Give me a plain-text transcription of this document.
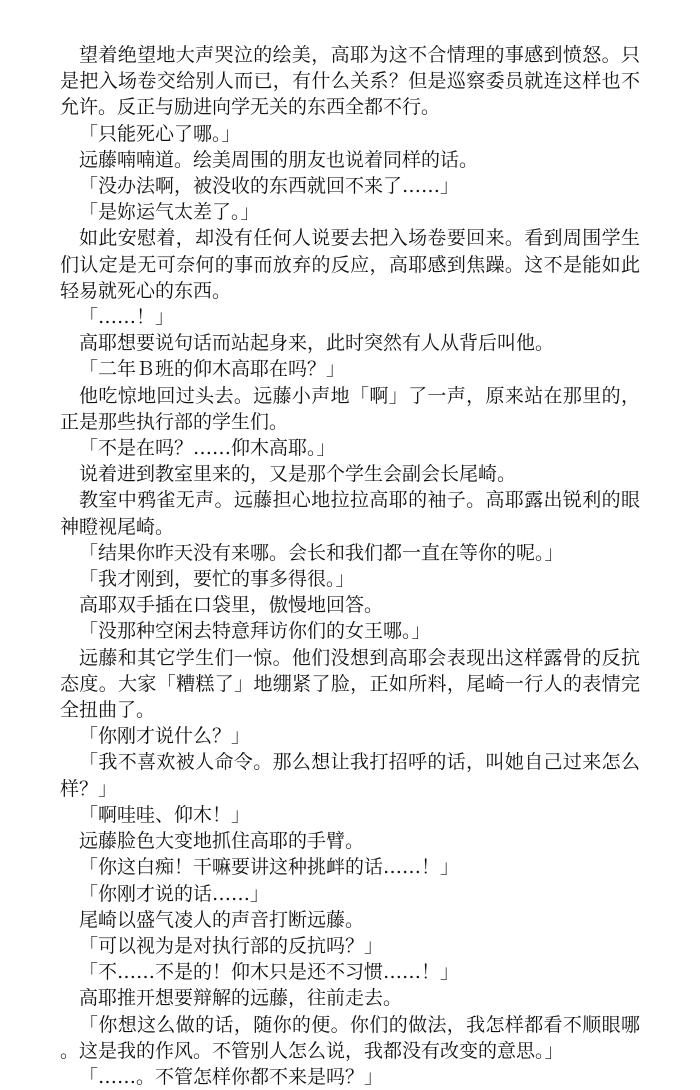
望着绝望地大声哭泣的绘美，高耶为这不合情理的事感到愤怒。只是把入场卷交给别人而已，有什么关系？但是巡察委员就连这样也不允许。反正与励进向学无关的东西全都不行。

「只能死心了哪。」

远藤喃喃道。绘美周围的朋友也说着同样的话。

「没办法啊，被没收的东西就回不来了……」

「是妳运气太差了。」

如此安慰着，却没有任何人说要去把入场卷要回来。看到周围学生们认定是无可奈何的事而放弃的反应，高耶感到焦躁。这不是能如此轻易就死心的东西。

「……！」

高耶想要说句话而站起身来，此时突然有人从背后叫他。

「二年Ｂ班的仰木高耶在吗？」

他吃惊地回过头去。远藤小声地「啊」了一声，原来站在那里的，正是那些执行部的学生们。

「不是在吗？……仰木高耶。」

说着进到教室里来的，又是那个学生会副会长尾崎。

教室中鸦雀无声。远藤担心地拉拉高耶的袖子。高耶露出锐利的眼神瞪视尾崎。

「结果你昨天没有来哪。会长和我们都一直在等你的呢。」

「我才刚到，要忙的事多得很。」

高耶双手插在口袋里，傲慢地回答。

「没那种空闲去特意拜访你们的女王哪。」

远藤和其它学生们一惊。他们没想到高耶会表现出这样露骨的反抗态度。大家「糟糕了」地绷紧了脸，正如所料，尾崎一行人的表情完全扭曲了。

「你刚才说什么？」

「我不喜欢被人命令。那么想让我打招呼的话，叫她自己过来怎么样？」

「啊哇哇、仰木！」

远藤脸色大变地抓住高耶的手臂。

「你这白痴！干嘛要讲这种挑衅的话……！」

「你刚才说的话……」

尾崎以盛气凌人的声音打断远藤。

「可以视为是对执行部的反抗吗？」

「不……不是的！仰木只是还不习惯……！」

高耶推开想要辩解的远藤，往前走去。

「你想这么做的话，随你的便。你们的做法，我怎样都看不顺眼哪。这是我的作风。不管别人怎么说，我都没有改变的意思。」

「……。不管怎样你都不来是吗？」
